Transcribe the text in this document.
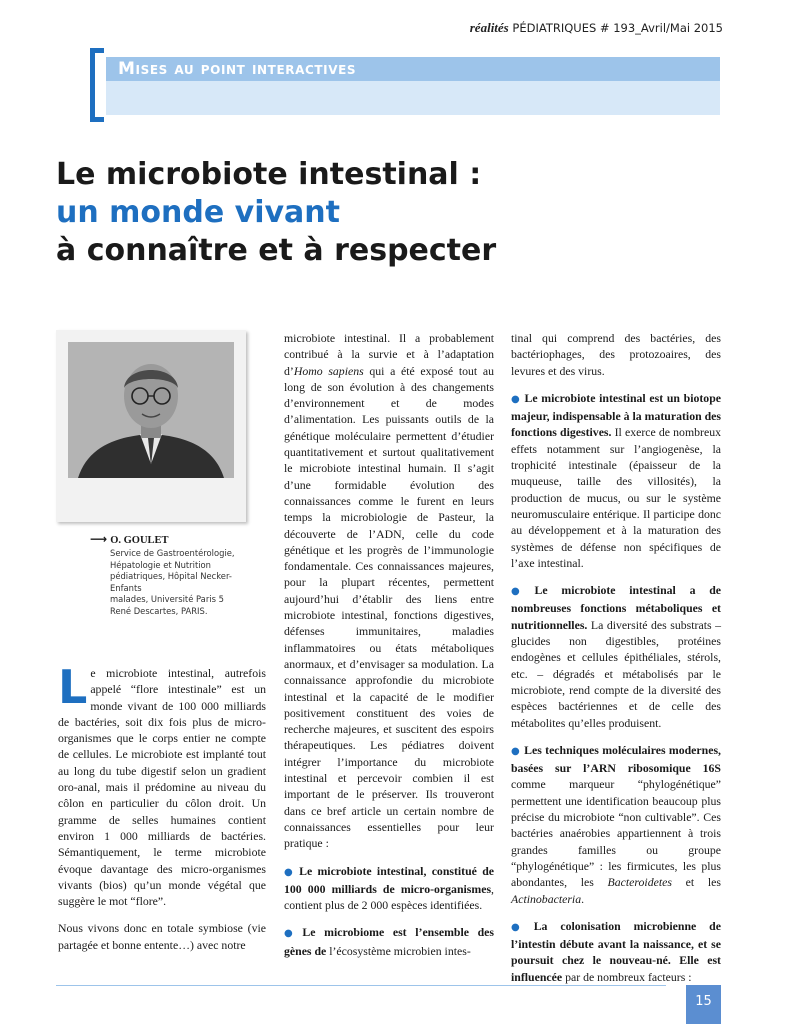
réalités PÉDIATRIQUES # 193_Avril/Mai 2015
Mises au point interactives
Le microbiote intestinal :
un monde vivant
à connaître et à respecter
⟶ O. GOULET
Service de Gastroentérologie,
Hépatologie et Nutrition
pédiatriques, Hôpital Necker-Enfants
malades, Université Paris 5
René Descartes, PARIS.

Le microbiote intestinal, autrefois appelé “flore intestinale” est un monde vivant de 100 000 milliards de bactéries, soit dix fois plus de micro-organismes que le corps entier ne compte de cellules. Le microbiote est implanté tout au long du tube digestif selon un gradient oro-anal, mais il prédomine au niveau du côlon en particulier du côlon droit. Un gramme de selles humaines contient environ 1 000 milliards de bactéries. Sémantiquement, le terme microbiote évoque davantage des micro-organismes vivants (bios) qu’un monde végétal que suggère le mot “flore”.

Nous vivons donc en totale symbiose (vie partagée et bonne entente…) avec notre

microbiote intestinal. Il a probablement contribué à la survie et à l’adaptation d’Homo sapiens qui a été exposé tout au long de son évolution à des changements d’environnement et de modes d’alimentation. Les puissants outils de la génétique moléculaire permettent d’étudier quantitativement et surtout qualitativement le microbiote intestinal humain. Il s’agit d’une formidable évolution des connaissances comme le furent en leurs temps la microbiologie de Pasteur, la découverte de l’ADN, celle du code génétique et les progrès de l’immunologie fondamentale. Ces connaissances majeures, pour la plupart récentes, permettent aujourd’hui d’établir des liens entre microbiote intestinal, fonctions digestives, défenses immunitaires, maladies inflammatoires ou états métaboliques anormaux, et d’envisager sa modulation. La connaissance approfondie du microbiote intestinal et la capacité de le modifier positivement constituent des voies de recherche majeures, et suscitent des espoirs thérapeutiques. Les pédiatres doivent intégrer l’importance du microbiote intestinal et percevoir combien il est important de le préserver. Ils trouveront dans ce bref article un certain nombre de connaissances essentielles pour leur pratique :

● Le microbiote intestinal, constitué de 100 000 milliards de micro-organismes, contient plus de 2 000 espèces identifiées.

● Le microbiome est l’ensemble des gènes de l’écosystème microbien intes-

tinal qui comprend des bactéries, des bactériophages, des protozoaires, des levures et des virus.

● Le microbiote intestinal est un biotope majeur, indispensable à la maturation des fonctions digestives. Il exerce de nombreux effets notamment sur l’angiogenèse, la trophicité intestinale (épaisseur de la muqueuse, taille des villosités), la production de mucus, ou sur le système neuromusculaire entérique. Il participe donc au développement et à la maturation des systèmes de défense non spécifiques de l’axe intestinal.

● Le microbiote intestinal a de nombreuses fonctions métaboliques et nutritionnelles. La diversité des substrats – glucides non digestibles, protéines endogènes et cellules épithéliales, stérols, etc. – dégradés et métabolisés par le microbiote, rend compte de la diversité des espèces bactériennes et de celle des métabolites qu’elles produisent.

● Les techniques moléculaires modernes, basées sur l’ARN ribosomique 16S comme marqueur “phylogénétique” permettent une identification beaucoup plus précise du microbiote “non cultivable”. Ces bactéries anaérobies appartiennent à trois grandes familles ou groupe “phylogénétique” : les firmicutes, les plus abondantes, les Bacteroidetes et les Actinobacteria.

● La colonisation microbienne de l’intestin débute avant la naissance, et se poursuit chez le nouveau-né. Elle est influencée par de nombreux facteurs :

15
